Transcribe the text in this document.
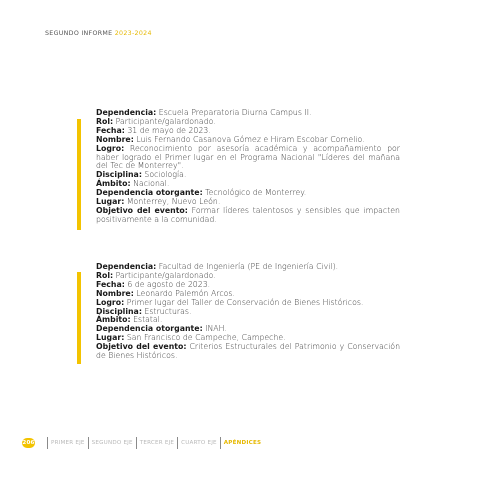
SEGUNDO INFORME 2023-2024

Dependencia: Escuela Preparatoria Diurna Campus II.

Rol: Participante/galardonado.

Fecha: 31 de mayo de 2023.

Nombre: Luis Fernando Casanova Gómez e Hiram Escobar Cornelio.

Logro: Reconocimiento por asesoría académica y acompañamiento por haber logrado el Primer lugar en el Programa Nacional "Líderes del mañana del Tec de Monterrey".

Disciplina: Sociología.

Ámbito: Nacional.

Dependencia otorgante: Tecnológico de Monterrey.

Lugar: Monterrey, Nuevo León.

Objetivo del evento: Formar líderes talentosos y sensibles que impacten positivamente a la comunidad.

Dependencia: Facultad de Ingeniería (PE de Ingeniería Civil).

Rol: Participante/galardonado.

Fecha: 6 de agosto de 2023.

Nombre: Leonardo Palemón Arcos.

Logro: Primer lugar del Taller de Conservación de Bienes Históricos.

Disciplina: Estructuras.

Ámbito: Estatal.

Dependencia otorgante: INAH.

Lugar: San Francisco de Campeche, Campeche.

Objetivo del evento: Criterios Estructurales del Patrimonio y Conservación de Bienes Históricos.

206	PRIMER EJE SEGUNDO EJE TERCER EJE CUARTO EJE APÉNDICES
